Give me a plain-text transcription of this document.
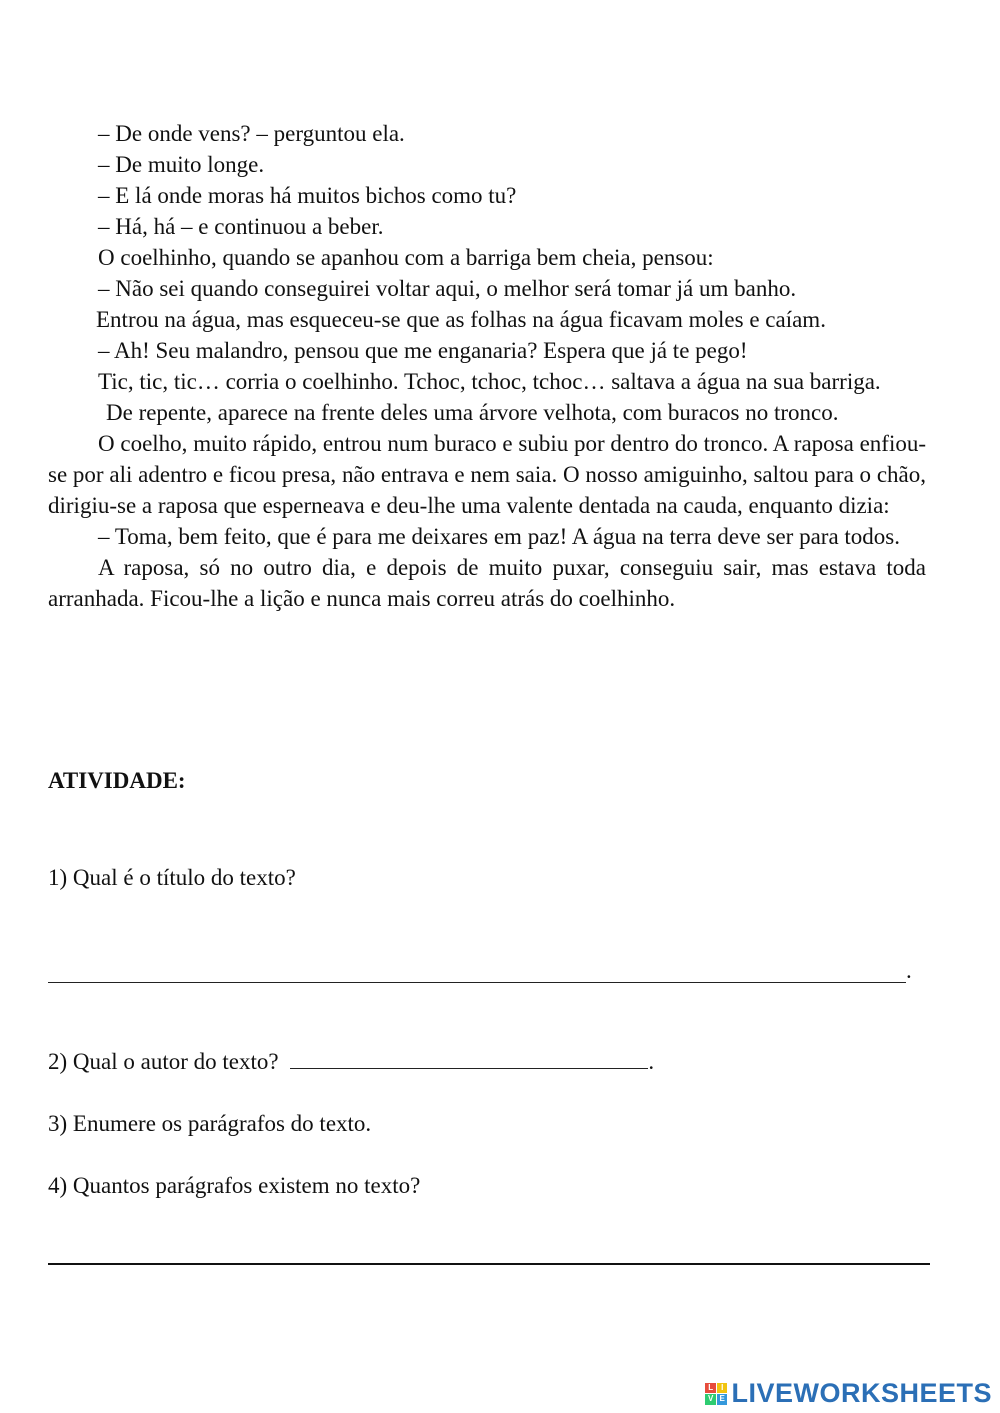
– De onde vens? – perguntou ela.

– De muito longe.

– E lá onde moras há muitos bichos como tu?

– Há, há – e continuou a beber.

O coelhinho, quando se apanhou com a barriga bem cheia, pensou:

– Não sei quando conseguirei voltar aqui, o melhor será tomar já um banho.

Entrou na água, mas esqueceu-se que as folhas na água ficavam moles e caíam.

– Ah! Seu malandro, pensou que me enganaria? Espera que já te pego!

Tic, tic, tic… corria o coelhinho. Tchoc, tchoc, tchoc… saltava a água na sua barriga.

De repente, aparece na frente deles uma árvore velhota, com buracos no tronco.

O coelho, muito rápido, entrou num buraco e subiu por dentro do tronco. A raposa enfiou-se por ali adentro e ficou presa, não entrava e nem saia. O nosso amiguinho, saltou para o chão, dirigiu-se a raposa que esperneava e deu-lhe uma valente dentada na cauda, enquanto dizia:

– Toma, bem feito, que é para me deixares em paz! A água na terra deve ser para todos.

A raposa, só no outro dia, e depois de muito puxar, conseguiu sair, mas estava toda arranhada. Ficou-lhe a lição e nunca mais correu atrás do coelhinho.

ATIVIDADE:

1) Qual é o título do texto?

.

2) Qual o autor do texto?	.

3) Enumere os parágrafos do texto.

4) Quantos parágrafos existem no texto?

L I
V E LIVEWORKSHEETS
